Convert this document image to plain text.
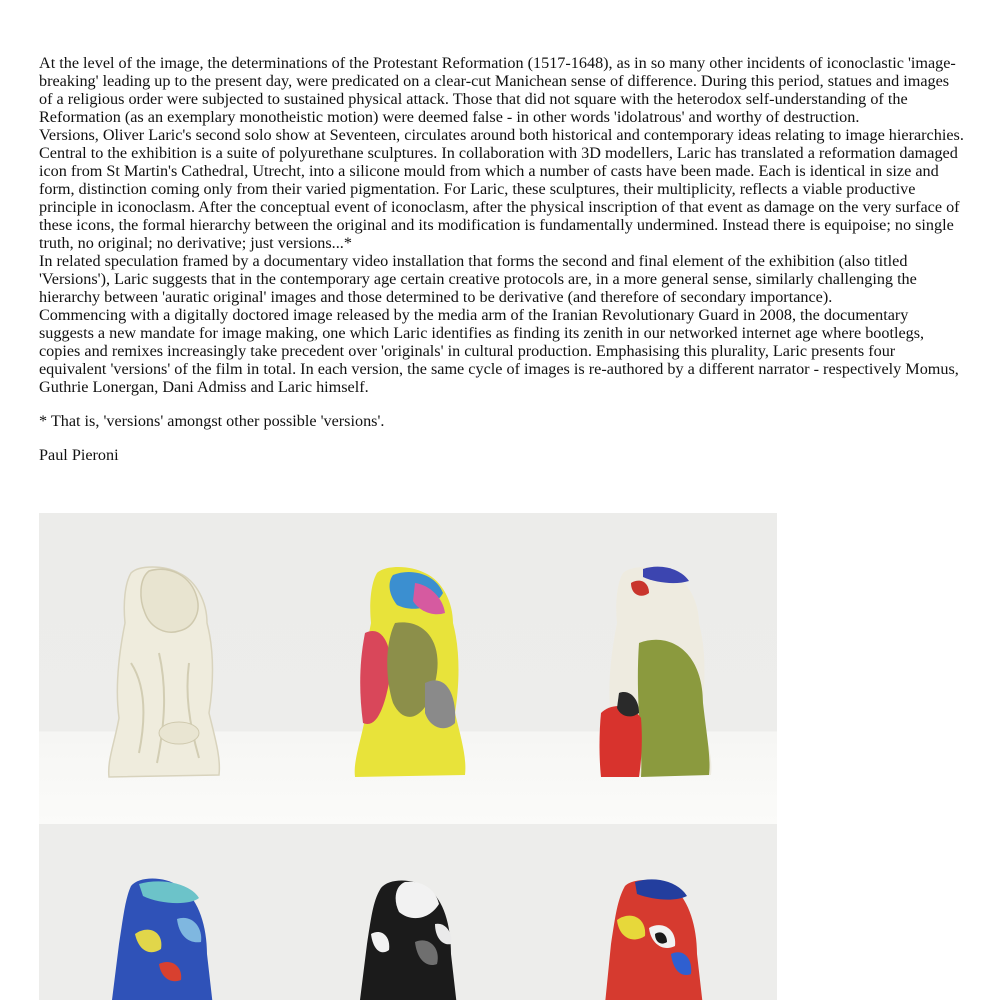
At the level of the image, the determinations of the Protestant Reformation (1517-1648), as in so many other incidents of iconoclastic 'image-breaking' leading up to the present day, were predicated on a clear-cut Manichean sense of difference. During this period, statues and images of a religious order were subjected to sustained physical attack. Those that did not square with the heterodox self-understanding of the Reformation (as an exemplary monotheistic motion) were deemed false - in other words 'idolatrous' and worthy of destruction.

Versions, Oliver Laric's second solo show at Seventeen, circulates around both historical and contemporary ideas relating to image hierarchies. Central to the exhibition is a suite of polyurethane sculptures. In collaboration with 3D modellers, Laric has translated a reformation damaged icon from St Martin's Cathedral, Utrecht, into a silicone mould from which a number of casts have been made. Each is identical in size and form, distinction coming only from their varied pigmentation. For Laric, these sculptures, their multiplicity, reflects a viable productive principle in iconoclasm. After the conceptual event of iconoclasm, after the physical inscription of that event as damage on the very surface of these icons, the formal hierarchy between the original and its modification is fundamentally undermined. Instead there is equipoise; no single truth, no original; no derivative; just versions...*

In related speculation framed by a documentary video installation that forms the second and final element of the exhibition (also titled 'Versions'), Laric suggests that in the contemporary age certain creative protocols are, in a more general sense, similarly challenging the hierarchy between 'auratic original' images and those determined to be derivative (and therefore of secondary importance).

Commencing with a digitally doctored image released by the media arm of the Iranian Revolutionary Guard in 2008, the documentary suggests a new mandate for image making, one which Laric identifies as finding its zenith in our networked internet age where bootlegs, copies and remixes increasingly take precedent over 'originals' in cultural production. Emphasising this plurality, Laric presents four equivalent 'versions' of the film in total. In each version, the same cycle of images is re-authored by a different narrator - respectively Momus, Guthrie Lonergan, Dani Admiss and Laric himself.

* That is, 'versions' amongst other possible 'versions'.

Paul Pieroni
